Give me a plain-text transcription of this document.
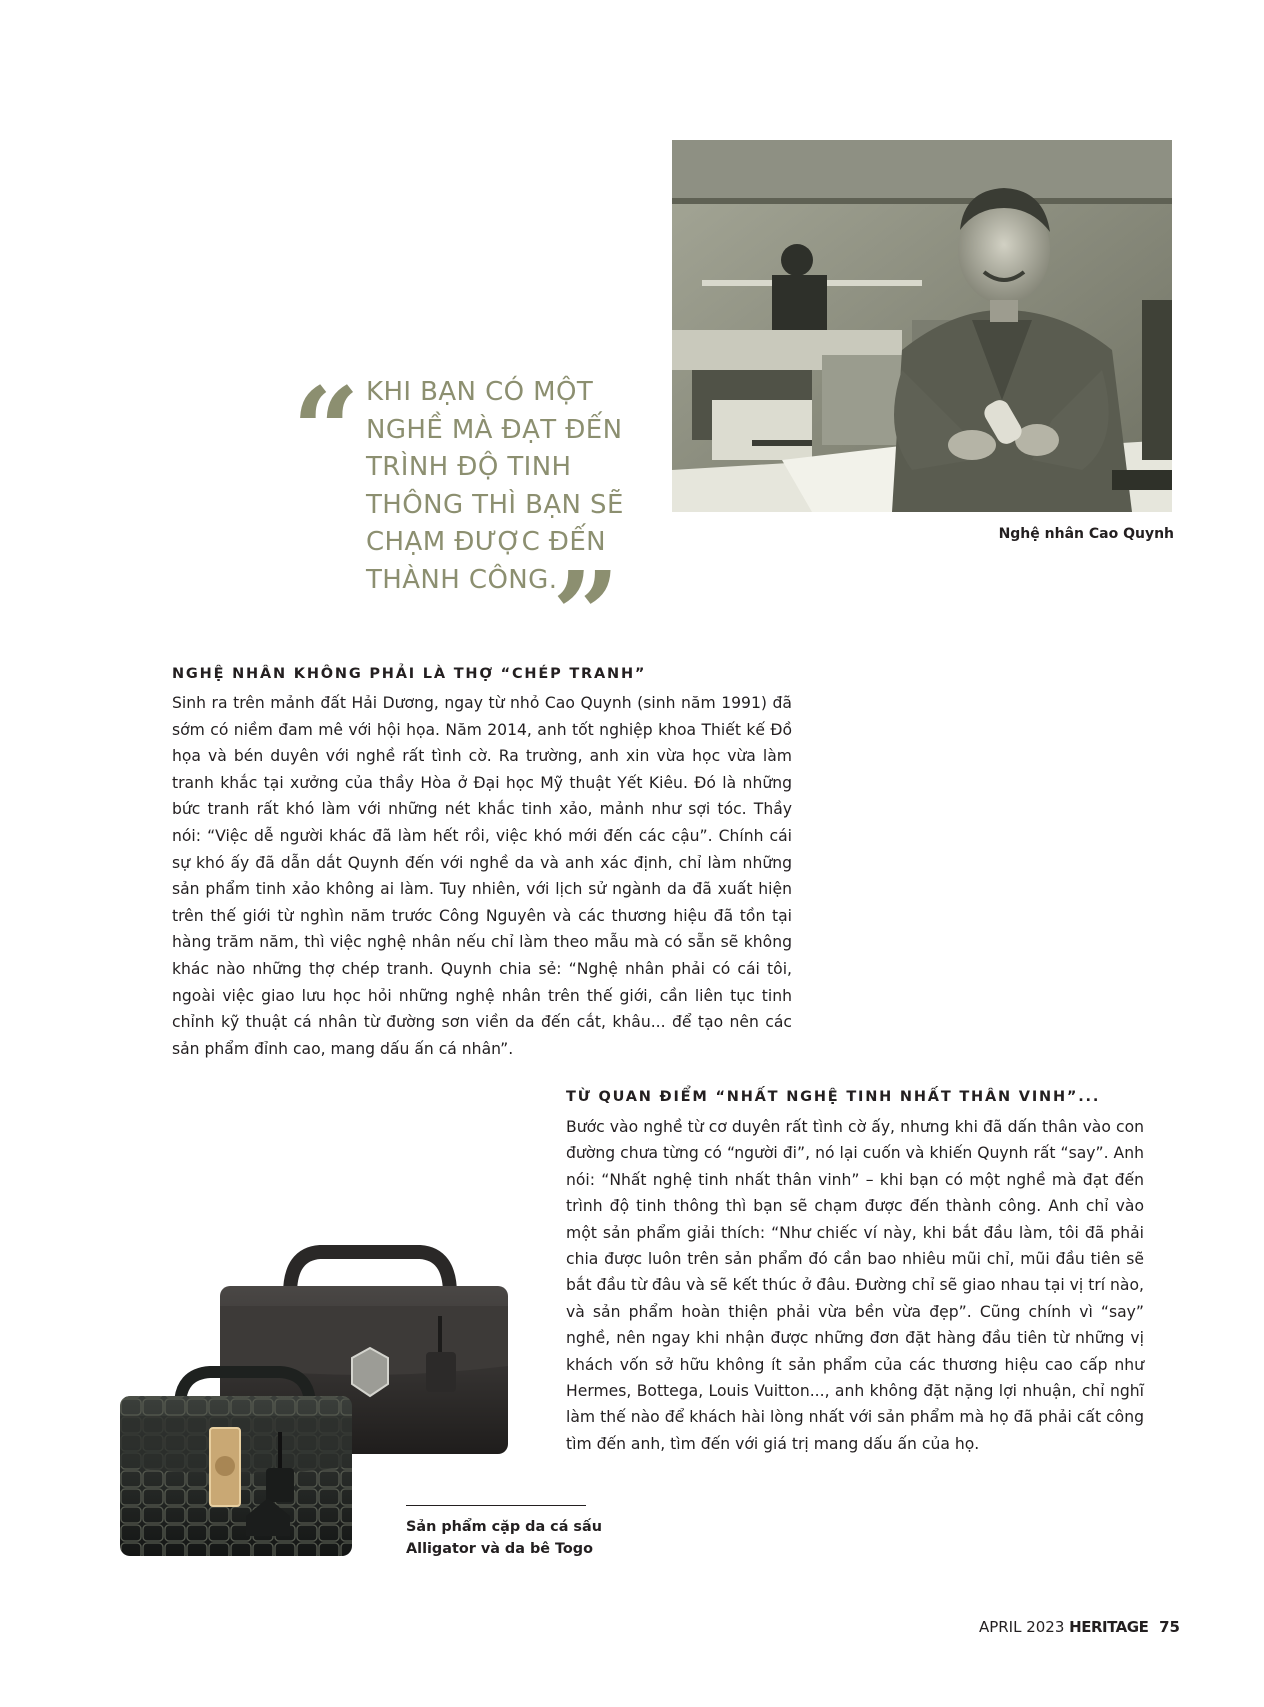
“ KHI BẠN CÓ MỘT NGHỀ MÀ ĐẠT ĐẾN TRÌNH ĐỘ TINH THÔNG THÌ BẠN SẼ CHẠM ĐƯỢC ĐẾN THÀNH CÔNG.

”
Nghệ nhân Cao Quynh
NGHỆ NHÂN KHÔNG PHẢI LÀ THỢ “CHÉP TRANH”

Sinh ra trên mảnh đất Hải Dương, ngay từ nhỏ Cao Quynh (sinh năm 1991) đã sớm có niềm đam mê với hội họa. Năm 2014, anh tốt nghiệp khoa Thiết kế Đồ họa và bén duyên với nghề rất tình cờ. Ra trường, anh xin vừa học vừa làm tranh khắc tại xưởng của thầy Hòa ở Đại học Mỹ thuật Yết Kiêu. Đó là những bức tranh rất khó làm với những nét khắc tinh xảo, mảnh như sợi tóc. Thầy nói: “Việc dễ người khác đã làm hết rồi, việc khó mới đến các cậu”. Chính cái sự khó ấy đã dẫn dắt Quynh đến với nghề da và anh xác định, chỉ làm những sản phẩm tinh xảo không ai làm. Tuy nhiên, với lịch sử ngành da đã xuất hiện trên thế giới từ nghìn năm trước Công Nguyên và các thương hiệu đã tồn tại hàng trăm năm, thì việc nghệ nhân nếu chỉ làm theo mẫu mà có sẵn sẽ không khác nào những thợ chép tranh. Quynh chia sẻ: “Nghệ nhân phải có cái tôi, ngoài việc giao lưu học hỏi những nghệ nhân trên thế giới, cần liên tục tinh chỉnh kỹ thuật cá nhân từ đường sơn viền da đến cắt, khâu... để tạo nên các sản phẩm đỉnh cao, mang dấu ấn cá nhân”.

TỪ QUAN ĐIỂM “NHẤT NGHỆ TINH NHẤT THÂN VINH”...

Bước vào nghề từ cơ duyên rất tình cờ ấy, nhưng khi đã dấn thân vào con đường chưa từng có “người đi”, nó lại cuốn và khiến Quynh rất “say”. Anh nói: “Nhất nghệ tinh nhất thân vinh” – khi bạn có một nghề mà đạt đến trình độ tinh thông thì bạn sẽ chạm được đến thành công. Anh chỉ vào một sản phẩm giải thích: “Như chiếc ví này, khi bắt đầu làm, tôi đã phải chia được luôn trên sản phẩm đó cần bao nhiêu mũi chỉ, mũi đầu tiên sẽ bắt đầu từ đâu và sẽ kết thúc ở đâu. Đường chỉ sẽ giao nhau tại vị trí nào, và sản phẩm hoàn thiện phải vừa bền vừa đẹp”. Cũng chính vì “say” nghề, nên ngay khi nhận được những đơn đặt hàng đầu tiên từ những vị khách vốn sở hữu không ít sản phẩm của các thương hiệu cao cấp như Hermes, Bottega, Louis Vuitton..., anh không đặt nặng lợi nhuận, chỉ nghĩ làm thế nào để khách hài lòng nhất với sản phẩm mà họ đã phải cất công tìm đến anh, tìm đến với giá trị mang dấu ấn của họ.

Sản phẩm cặp da cá sấu
Alligator và da bê Togo

APRIL 2023 HERITAGE 75
